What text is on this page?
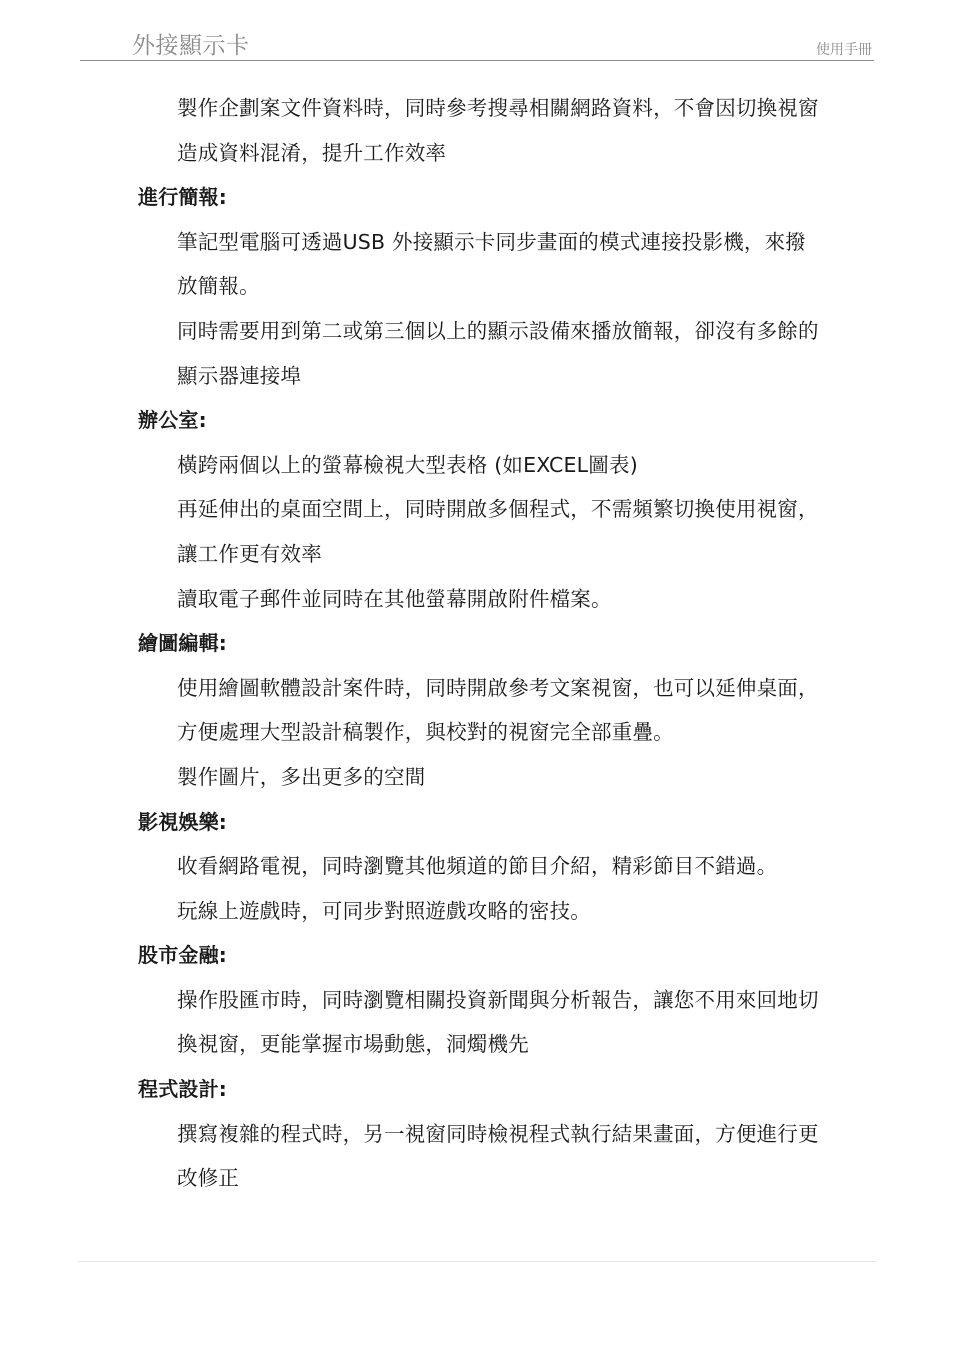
外接顯示卡	使用手冊
製作企劃案文件資料時，同時參考搜尋相關網路資料，不會因切換視窗
造成資料混淆，提升工作效率
進行簡報:
筆記型電腦可透過USB 外接顯示卡同步畫面的模式連接投影機，來撥
放簡報。
同時需要用到第二或第三個以上的顯示設備來播放簡報，卻沒有多餘的
顯示器連接埠
辦公室:
橫跨兩個以上的螢幕檢視大型表格 (如EXCEL圖表)
再延伸出的桌面空間上，同時開啟多個程式，不需頻繁切換使用視窗，
讓工作更有效率
讀取電子郵件並同時在其他螢幕開啟附件檔案。
繪圖編輯:
使用繪圖軟體設計案件時，同時開啟參考文案視窗，也可以延伸桌面，
方便處理大型設計稿製作，與校對的視窗完全部重疊。
製作圖片，多出更多的空間
影視娛樂:
收看網路電視，同時瀏覽其他頻道的節目介紹，精彩節目不錯過。
玩線上遊戲時，可同步對照遊戲攻略的密技。
股市金融:
操作股匯市時，同時瀏覽相關投資新聞與分析報告，讓您不用來回地切
換視窗，更能掌握市場動態，洞燭機先
程式設計:
撰寫複雜的程式時，另一視窗同時檢視程式執行結果畫面，方便進行更
改修正
